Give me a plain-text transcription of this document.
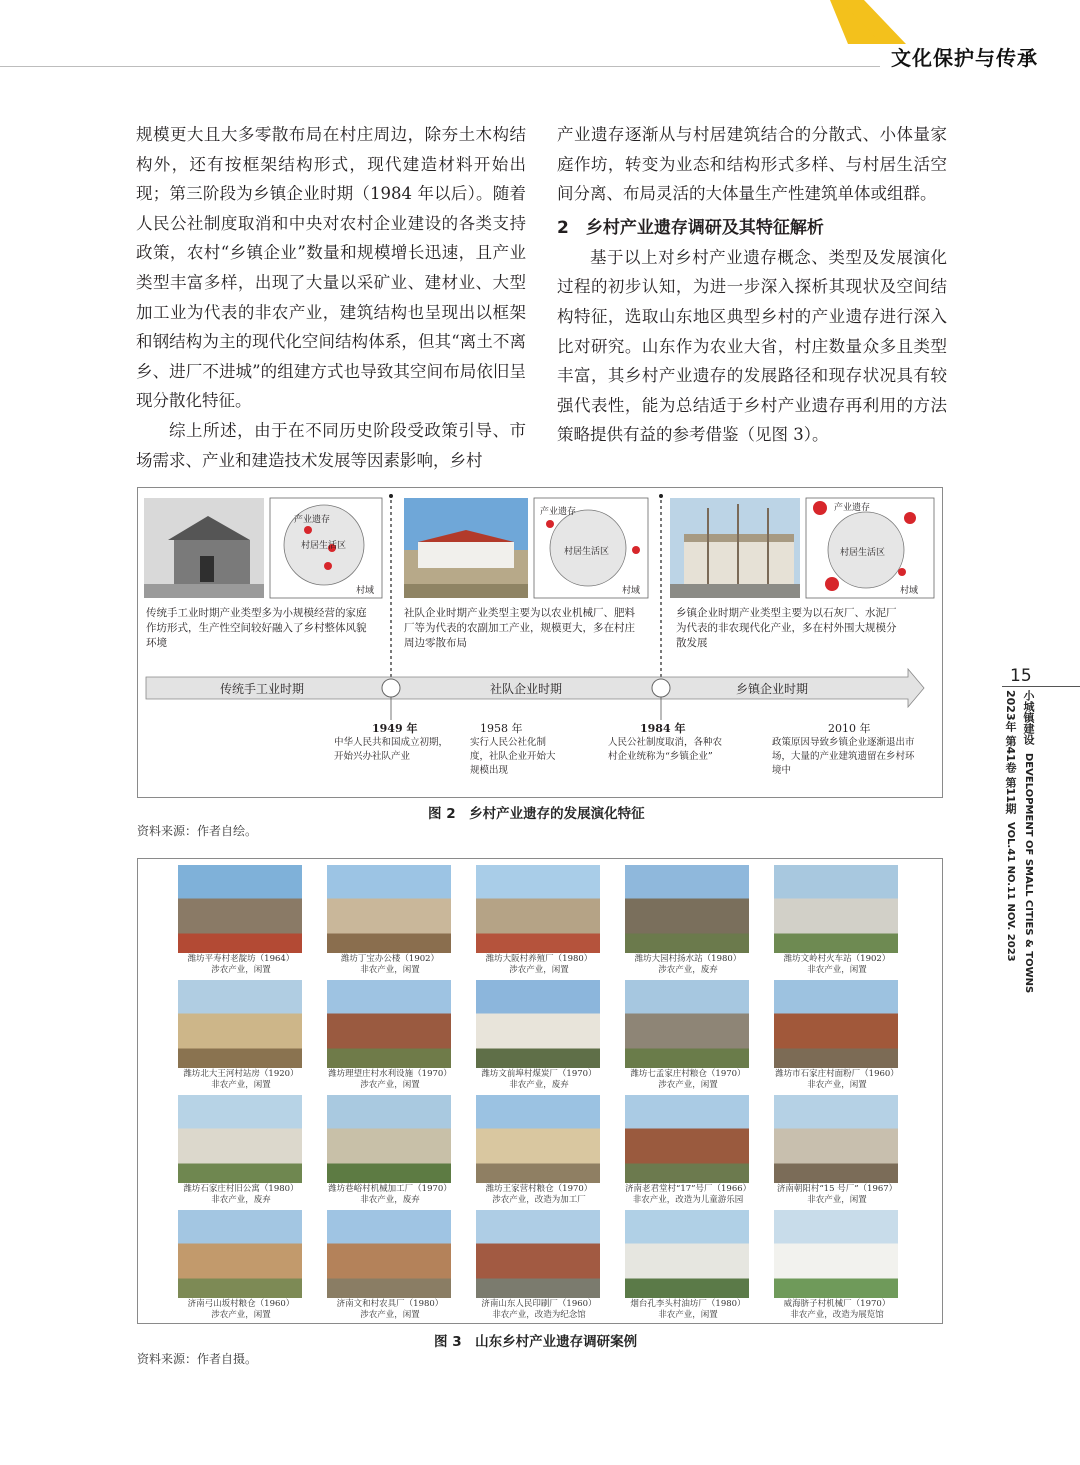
文化保护与传承

规模更大且大多零散布局在村庄周边，除夯土木构结构外，还有按框架结构形式，现代建造材料开始出现；第三阶段为乡镇企业时期（1984 年以后）。随着人民公社制度取消和中央对农村企业建设的各类支持政策，农村“乡镇企业”数量和规模增长迅速，且产业类型丰富多样，出现了大量以采矿业、建材业、大型加工业为代表的非农产业，建筑结构也呈现出以框架和钢结构为主的现代化空间结构体系，但其“离土不离乡、进厂不进城”的组建方式也导致其空间布局依旧呈现分散化特征。

综上所述，由于在不同历史阶段受政策引导、市场需求、产业和建造技术发展等因素影响，乡村

产业遗存逐渐从与村居建筑结合的分散式、小体量家庭作坊，转变为业态和结构形式多样、与村居生活空间分离、布局灵活的大体量生产性建筑单体或组群。

2　乡村产业遗存调研及其特征解析

基于以上对乡村产业遗存概念、类型及发展演化过程的初步认知，为进一步深入探析其现状及空间结构特征，选取山东地区典型乡村的产业遗存进行深入比对研究。山东作为农业大省，村庄数量众多且类型丰富，其乡村产业遗存的发展路径和现存状况具有较强代表性，能为总结适于乡村产业遗存再利用的方法策略提供有益的参考借鉴（见图 3）。

产业遗存
村居生活区
村域
产业遗存
村居生活区
村域
产业遗存
村居生活区
村域
传统手工业时期产业类型多为小规模经营的家庭作坊形式，生产性空间较好融入了乡村整体风貌环境
社队企业时期产业类型主要为以农业机械厂、肥料厂等为代表的农副加工产业，规模更大，多在村庄周边零散布局
乡镇企业时期产业类型主要为以石灰厂、水泥厂为代表的非农现代化产业，多在村外围大规模分散发展
传统手工业时期	社队企业时期	乡镇企业时期
1949 年
中华人民共和国成立初期，开始兴办社队产业
1958 年
实行人民公社化制度，社队企业开始大规模出现
1984 年
人民公社制度取消，各种农村企业统称为“乡镇企业”
2010 年
政策原因导致乡镇企业逐渐退出市场，大量的产业建筑遗留在乡村环境中
图 2　乡村产业遗存的发展演化特征
资料来源：作者自绘。
潍坊平寿村老靛坊（1964）
涉农产业，闲置
潍坊丁宝办公楼（1902）
非农产业，闲置
潍坊大阪村养殖厂（1980）
涉农产业，闲置
潍坊大园村扬水站（1980）
涉农产业，废弃
潍坊文岭村火车站（1902）
非农产业，闲置
潍坊北大王河村站房（1920）
非农产业，闲置
潍坊理望庄村水利设施（1970）
涉农产业，闲置
潍坊文前埠村煤炭厂（1970）
非农产业，废弃
潍坊七孟家庄村粮仓（1970）
涉农产业，闲置
潍坊市石家庄村面粉厂（1960）
非农产业，闲置
潍坊石家庄村旧公寓（1980）
非农产业，废弃
潍坊巷峪村机械加工厂（1970）
非农产业，废弃
潍坊王家营村粮仓（1970）
涉农产业，改造为加工厂
济南老君堂村“17”号厂（1966）
非农产业，改造为儿童游乐园
济南朝阳村“15 号厂”（1967）
非农产业，闲置
济南弓山坂村粮仓（1960）
涉农产业，闲置
济南文和村农具厂（1980）
涉农产业，闲置
济南山东人民印刷厂（1960）
非农产业，改造为纪念馆
烟台孔李头村油坊厂（1980）
非农产业，闲置
威海脐子村机械厂（1970）
非农产业，改造为展览馆
图 3　山东乡村产业遗存调研案例
资料来源：作者自摄。
15
小城镇建设 DEVELOPMENT OF SMALL CITIES & TOWNS
2023年 第41卷 第11期 VOL.41 NO.11 NOV. 2023
